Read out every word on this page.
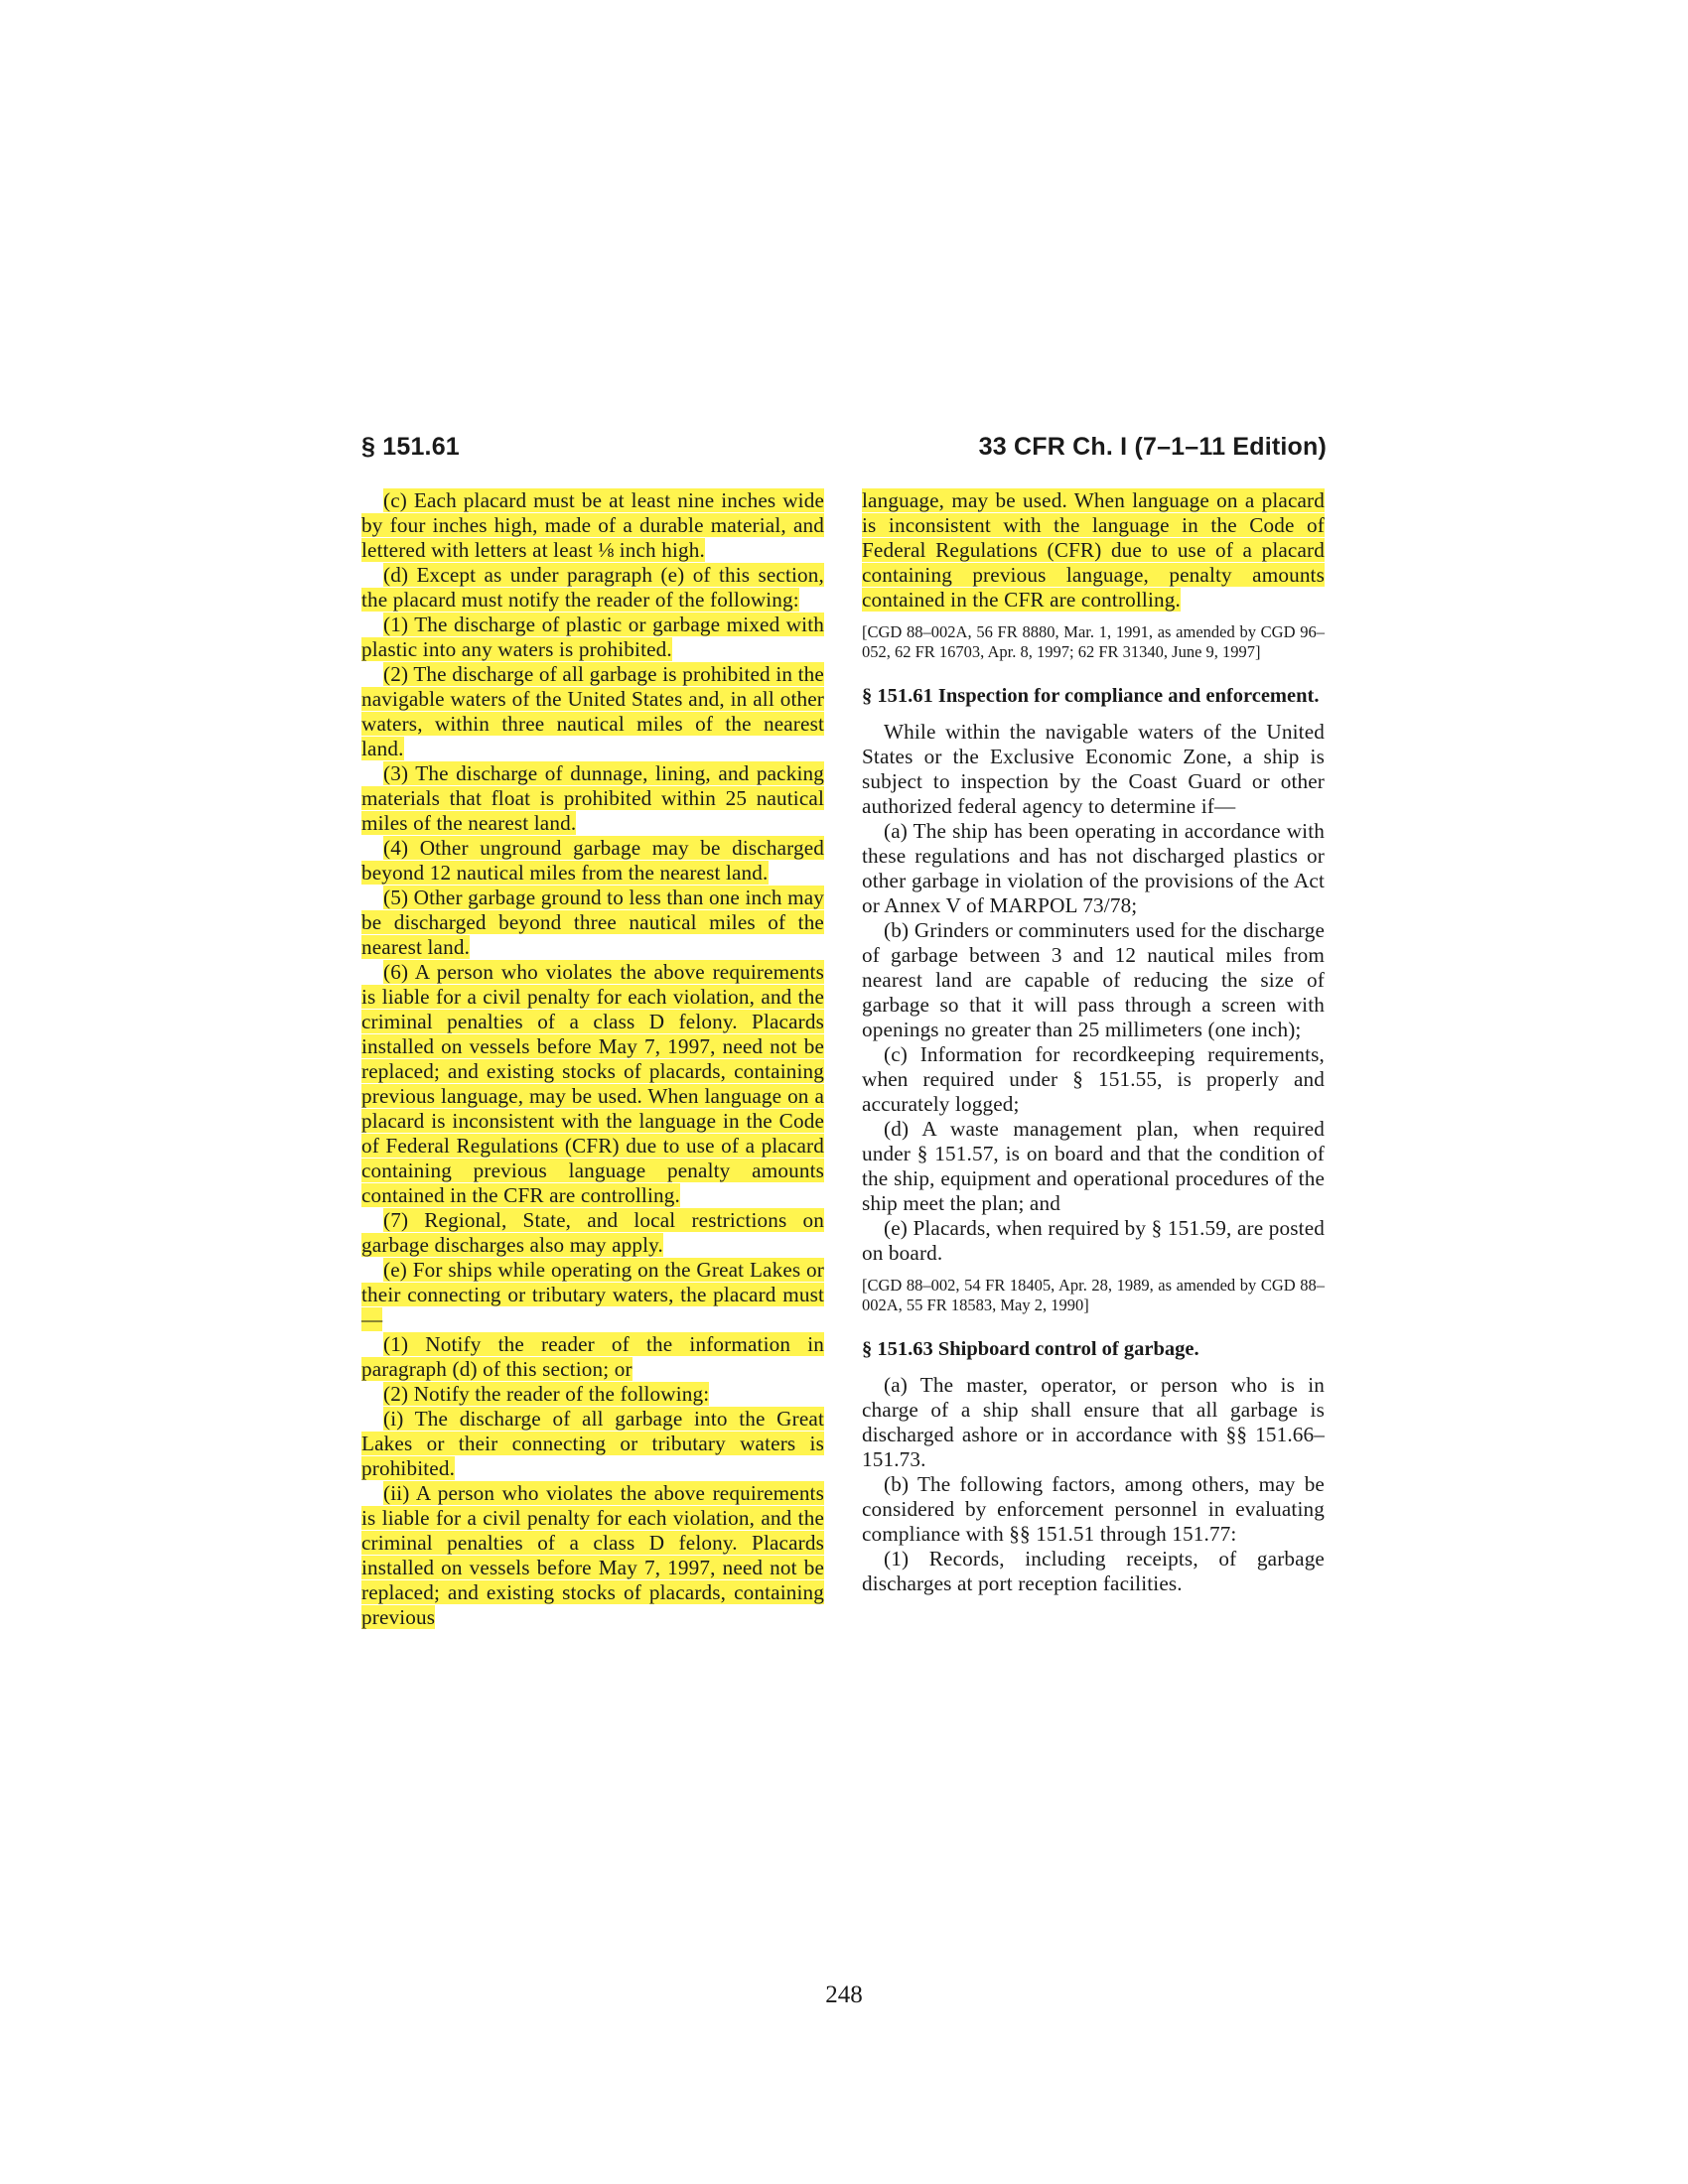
§ 151.61	33 CFR Ch. I (7–1–11 Edition)

(c) Each placard must be at least nine inches wide by four inches high, made of a durable material, and lettered with letters at least ⅛ inch high.

(d) Except as under paragraph (e) of this section, the placard must notify the reader of the following:

(1) The discharge of plastic or garbage mixed with plastic into any waters is prohibited.

(2) The discharge of all garbage is prohibited in the navigable waters of the United States and, in all other waters, within three nautical miles of the nearest land.

(3) The discharge of dunnage, lining, and packing materials that float is prohibited within 25 nautical miles of the nearest land.

(4) Other unground garbage may be discharged beyond 12 nautical miles from the nearest land.

(5) Other garbage ground to less than one inch may be discharged beyond three nautical miles of the nearest land.

(6) A person who violates the above requirements is liable for a civil penalty for each violation, and the criminal penalties of a class D felony. Placards installed on vessels before May 7, 1997, need not be replaced; and existing stocks of placards, containing previous language, may be used. When language on a placard is inconsistent with the language in the Code of Federal Regulations (CFR) due to use of a placard containing previous language penalty amounts contained in the CFR are controlling.

(7) Regional, State, and local restrictions on garbage discharges also may apply.

(e) For ships while operating on the Great Lakes or their connecting or tributary waters, the placard must—

(1) Notify the reader of the information in paragraph (d) of this section; or

(2) Notify the reader of the following:

(i) The discharge of all garbage into the Great Lakes or their connecting or tributary waters is prohibited.

(ii) A person who violates the above requirements is liable for a civil penalty for each violation, and the criminal penalties of a class D felony. Placards installed on vessels before May 7, 1997, need not be replaced; and existing stocks of placards, containing previous

language, may be used. When language on a placard is inconsistent with the language in the Code of Federal Regulations (CFR) due to use of a placard containing previous language, penalty amounts contained in the CFR are controlling.

[CGD 88–002A, 56 FR 8880, Mar. 1, 1991, as amended by CGD 96–052, 62 FR 16703, Apr. 8, 1997; 62 FR 31340, June 9, 1997]
§ 151.61 Inspection for compliance and enforcement.

While within the navigable waters of the United States or the Exclusive Economic Zone, a ship is subject to inspection by the Coast Guard or other authorized federal agency to determine if—

(a) The ship has been operating in accordance with these regulations and has not discharged plastics or other garbage in violation of the provisions of the Act or Annex V of MARPOL 73/78;

(b) Grinders or comminuters used for the discharge of garbage between 3 and 12 nautical miles from nearest land are capable of reducing the size of garbage so that it will pass through a screen with openings no greater than 25 millimeters (one inch);

(c) Information for recordkeeping requirements, when required under § 151.55, is properly and accurately logged;

(d) A waste management plan, when required under § 151.57, is on board and that the condition of the ship, equipment and operational procedures of the ship meet the plan; and

(e) Placards, when required by § 151.59, are posted on board.

[CGD 88–002, 54 FR 18405, Apr. 28, 1989, as amended by CGD 88–002A, 55 FR 18583, May 2, 1990]
§ 151.63 Shipboard control of garbage.

(a) The master, operator, or person who is in charge of a ship shall ensure that all garbage is discharged ashore or in accordance with §§ 151.66–151.73.

(b) The following factors, among others, may be considered by enforcement personnel in evaluating compliance with §§ 151.51 through 151.77:

(1) Records, including receipts, of garbage discharges at port reception facilities.

248
